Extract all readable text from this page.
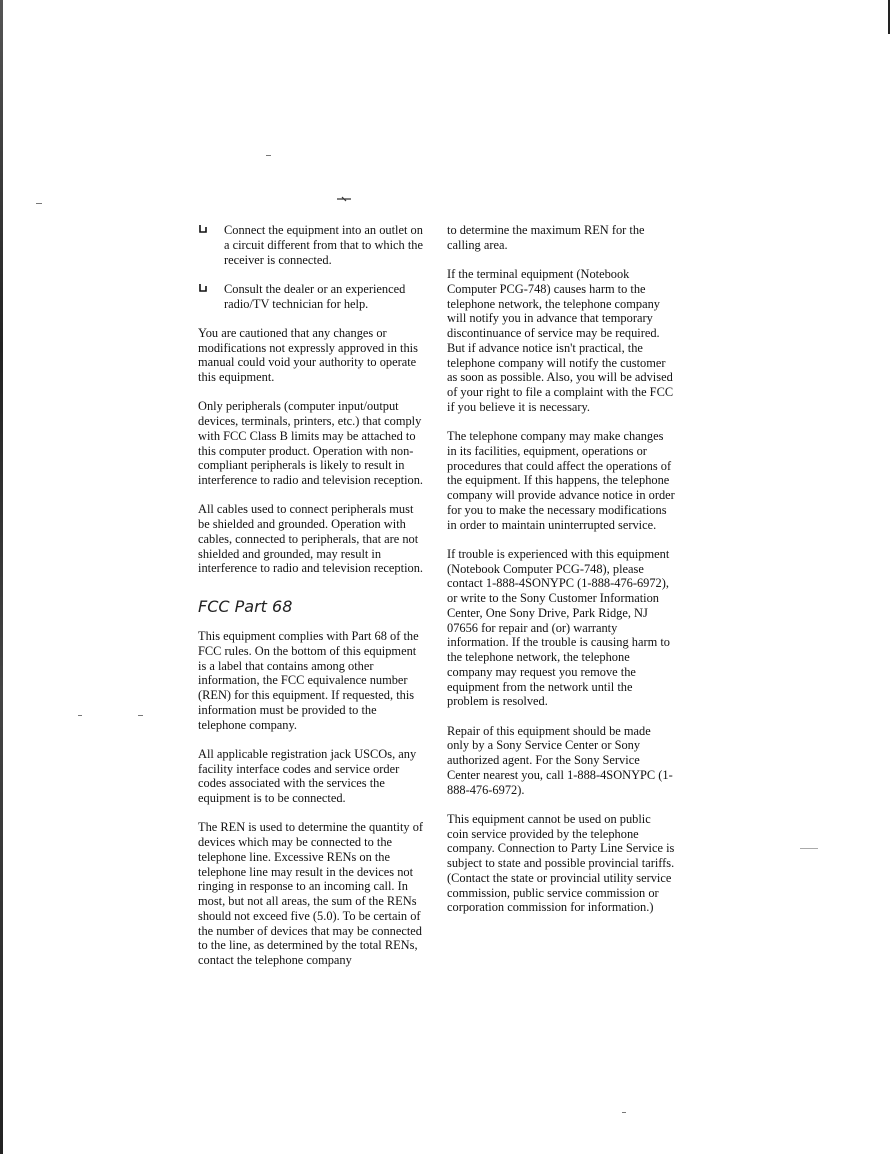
Connect the equipment into an outlet on a circuit different from that to which the receiver is connected.

Consult the dealer or an experienced radio/TV technician for help.

You are cautioned that any changes or modifications not expressly approved in this manual could void your authority to operate this equipment.

Only peripherals (computer input/output devices, terminals, printers, etc.) that comply with FCC Class B limits may be attached to this computer product. Operation with non-compliant peripherals is likely to result in interference to radio and television reception.

All cables used to connect peripherals must be shielded and grounded. Operation with cables, connected to peripherals, that are not shielded and grounded, may result in interference to radio and television reception.

FCC Part 68

This equipment complies with Part 68 of the FCC rules. On the bottom of this equipment is a label that contains among other information, the FCC equivalence number (REN) for this equipment. If requested, this information must be provided to the telephone company.

All applicable registration jack USCOs, any facility interface codes and service order codes associated with the services the equipment is to be connected.

The REN is used to determine the quantity of devices which may be connected to the telephone line. Excessive RENs on the telephone line may result in the devices not ringing in response to an incoming call. In most, but not all areas, the sum of the RENs should not exceed five (5.0). To be certain of the number of devices that may be connected to the line, as determined by the total RENs, contact the telephone company

to determine the maximum REN for the calling area.

If the terminal equipment (Notebook Computer PCG-748) causes harm to the telephone network, the telephone company will notify you in advance that temporary discontinuance of service may be required. But if advance notice isn't practical, the telephone company will notify the customer as soon as possible. Also, you will be advised of your right to file a complaint with the FCC if you believe it is necessary.

The telephone company may make changes in its facilities, equipment, operations or procedures that could affect the operations of the equipment. If this happens, the telephone company will provide advance notice in order for you to make the necessary modifications in order to maintain uninterrupted service.

If trouble is experienced with this equipment (Notebook Computer PCG-748), please contact 1-888-4SONYPC (1-888-476-6972), or write to the Sony Customer Information Center, One Sony Drive, Park Ridge, NJ 07656 for repair and (or) warranty information. If the trouble is causing harm to the telephone network, the telephone company may request you remove the equipment from the network until the problem is resolved.

Repair of this equipment should be made only by a Sony Service Center or Sony authorized agent. For the Sony Service Center nearest you, call 1-888-4SONYPC (1-888-476-6972).

This equipment cannot be used on public coin service provided by the telephone company. Connection to Party Line Service is subject to state and possible provincial tariffs. (Contact the state or provincial utility service commission, public service commission or corporation commission for information.)
